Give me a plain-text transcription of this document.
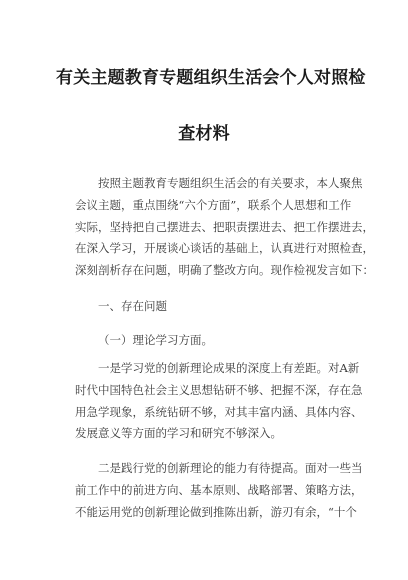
有关主题教育专题组织生活会个人对照检
查材料
按照主题教育专题组织生活会的有关要求，本人聚焦
会议主题，重点围绕“六个方面”，联系个人思想和工作
实际，坚持把自己摆进去、把职责摆进去、把工作摆进去，
在深入学习，开展谈心谈话的基础上，认真进行对照检查，
深刻剖析存在问题，明确了整改方向。现作检视发言如下：
一、存在问题
（一）理论学习方面。
一是学习党的创新理论成果的深度上有差距。对A新
时代中国特色社会主义思想钻研不够、把握不深，存在急
用急学现象，系统钻研不够，对其丰富内涵、具体内容、
发展意义等方面的学习和研究不够深入。
二是践行党的创新理论的能力有待提高。面对一些当
前工作中的前进方向、基本原则、战略部署、策略方法，
不能运用党的创新理论做到推陈出新，游刃有余，“十个
